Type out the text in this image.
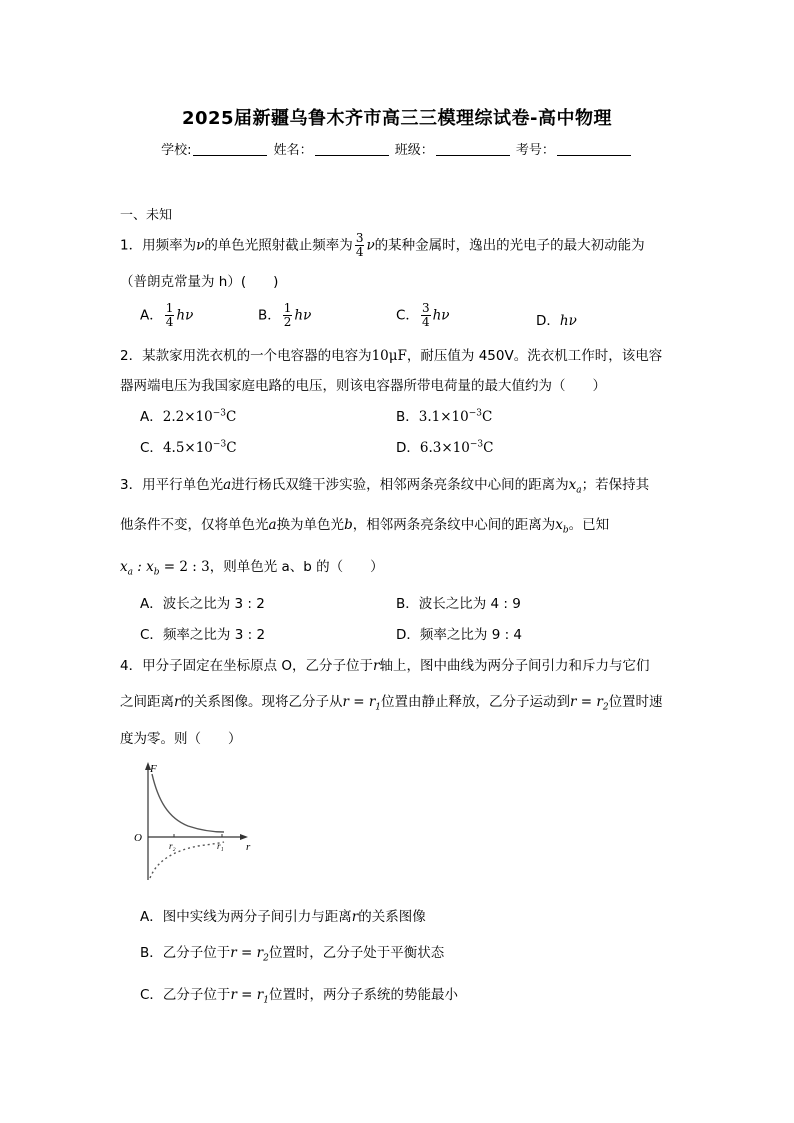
2025届新疆乌鲁木齐市高三三模理综试卷-高中物理
学校:	姓名：	班级：	考号：
一、未知
1．用频率为ν的单色光照射截止频率为 $\frac{3}{4}$ ν的某种金属时，逸出的光电子的最大初动能为
（普朗克常量为 h）(　　)
A． $\frac{1}{4}$ hν	B． $\frac{1}{2}$ hν	C． $\frac{3}{4}$ hν	D．hν
2．某款家用洗衣机的一个电容器的电容为10μF，耐压值为 450V。洗衣机工作时，该电容
器两端电压为我国家庭电路的电压，则该电容器所带电荷量的最大值约为（　　）
A．$2.2\times 10^{-3}C$	B．$3.1\times 10^{-3}C$
C．$4.5\times 10^{-3}C$	D．$6.3\times 10^{-3}C$
3．用平行单色光a进行杨氏双缝干涉实验，相邻两条亮条纹中心间的距离为$x_a$；若保持其
他条件不变，仅将单色光a换为单色光b，相邻两条亮条纹中心间的距离为$x_b$。已知
$x_a$ : $x_b = 2$ : 3，则单色光 a、b 的（　　）
A．波长之比为 3 : 2	B．波长之比为 4 : 9
C．频率之比为 3 : 2	D．频率之比为 9 : 4
4．甲分子固定在坐标原点 O，乙分子位于r轴上，图中曲线为两分子间引力和斥力与它们
之间距离r的关系图像。现将乙分子从$r = r_1$位置由静止释放，乙分子运动到$r = r_2$位置时速
度为零。则（　　）
F
O
r
r₂	r₁
A．图中实线为两分子间引力与距离r的关系图像
B．乙分子位于$r = r_2$位置时，乙分子处于平衡状态
C．乙分子位于$r = r_1$位置时，两分子系统的势能最小
